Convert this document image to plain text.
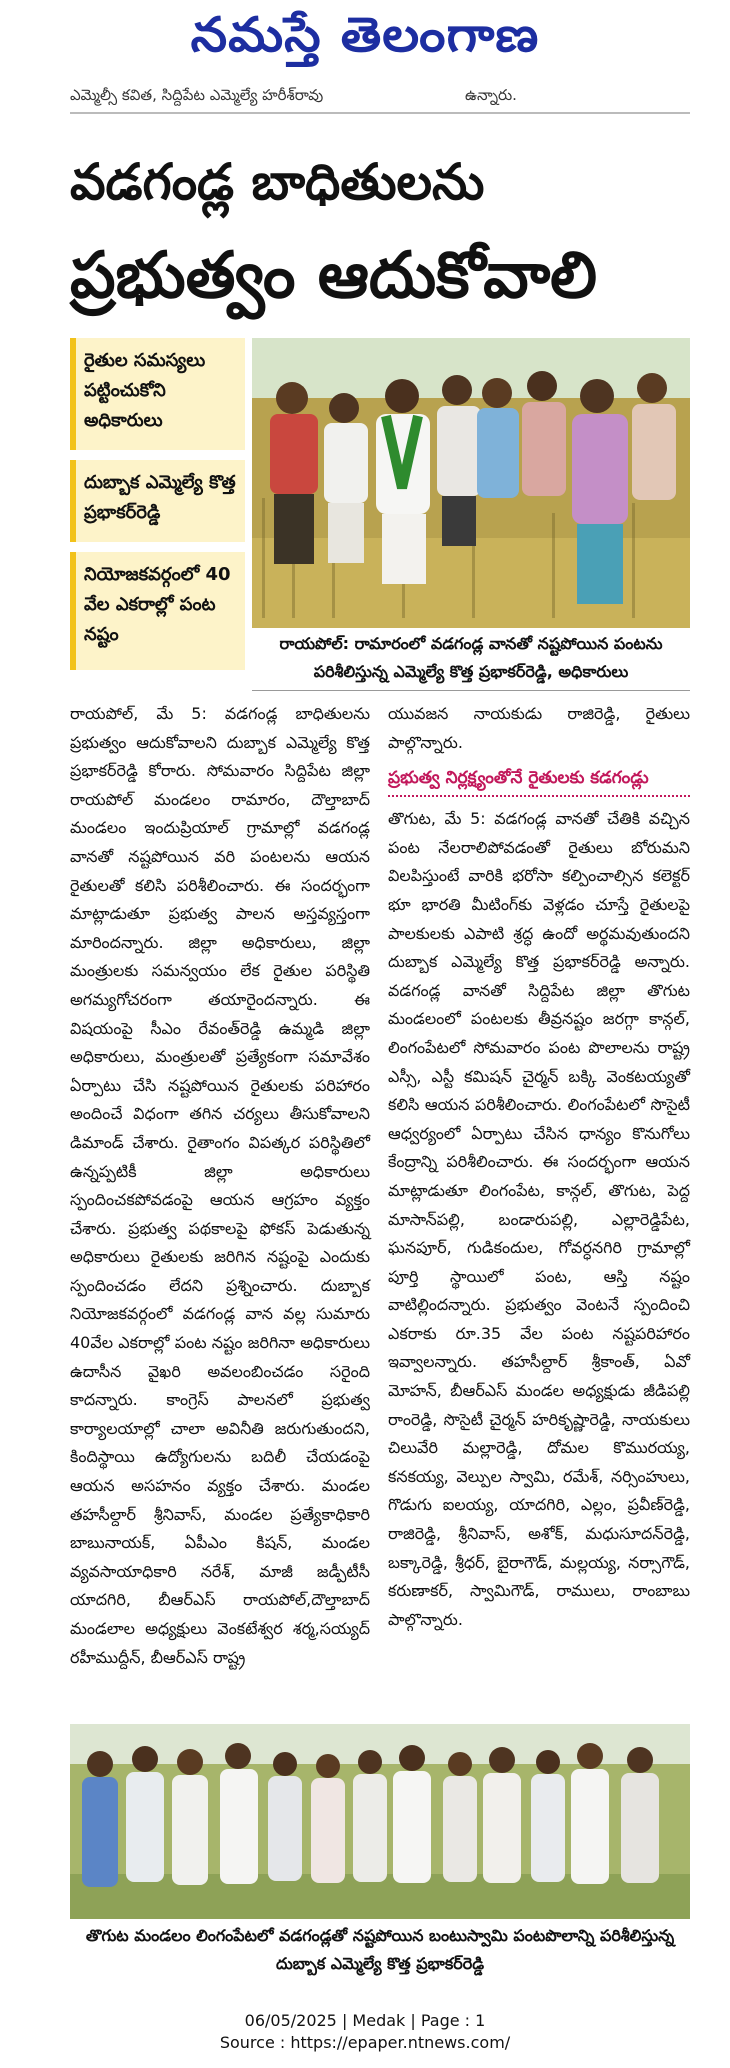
నమస్తే తెలంగాణ
ఎమ్మెల్సీ కవిత, సిద్దిపేట ఎమ్మెల్యే హరీశ్‌రావు	ఉన్నారు.
వడగండ్ల బాధితులను
ప్రభుత్వం ఆదుకోవాలి
రైతుల సమస్యలు పట్టించుకోని అధికారులు
దుబ్బాక ఎమ్మెల్యే కొత్త ప్రభాకర్‌రెడ్డి
నియోజకవర్గంలో 40 వేల ఎకరాల్లో పంట నష్టం	రాయపోల్‌: రామారంలో వడగండ్ల వానతో నష్టపోయిన పంటను పరిశీలిస్తున్న ఎమ్మెల్యే కొత్త ప్రభాకర్‌రెడ్డి, అధికారులు

రాయపోల్‌, మే 5: వడగండ్ల బాధితులను ప్రభుత్వం ఆదుకోవాలని దుబ్బాక ఎమ్మెల్యే కొత్త ప్రభాకర్‌రెడ్డి కోరారు. సోమవారం సిద్దిపేట జిల్లా రాయపోల్‌ మండలం రామారం, దౌల్తాబాద్‌ మండలం ఇందుప్రియాల్‌ గ్రామాల్లో వడగండ్ల వానతో నష్టపోయిన వరి పంటలను ఆయన రైతులతో కలిసి పరిశీలించారు. ఈ సందర్భంగా మాట్లాడుతూ ప్రభుత్వ పాలన అస్తవ్యస్తంగా మారిందన్నారు. జిల్లా అధికారులు, జిల్లా మంత్రులకు సమన్వయం లేక రైతుల పరిస్థితి అగమ్యగోచరంగా తయారైందన్నారు. ఈ విషయంపై సీఎం రేవంత్‌రెడ్డి ఉమ్మడి జిల్లా అధికారులు, మంత్రులతో ప్రత్యేకంగా సమావేశం ఏర్పాటు చేసి నష్టపోయిన రైతులకు పరిహారం అందించే విధంగా తగిన చర్యలు తీసుకోవాలని డిమాండ్‌ చేశారు. రైతాంగం విపత్కర పరిస్థితిలో ఉన్నప్పటికీ జిల్లా అధికారులు స్పందించకపోవడంపై ఆయన ఆగ్రహం వ్యక్తం చేశారు. ప్రభుత్వ పథకాలపై ఫోకస్‌ పెడుతున్న అధికారులు రైతులకు జరిగిన నష్టంపై ఎందుకు స్పందించడం లేదని ప్రశ్నించారు. దుబ్బాక నియోజకవర్గంలో వడగండ్ల వాన వల్ల సుమారు 40వేల ఎకరాల్లో పంట నష్టం జరిగినా అధికారులు ఉదాసీన వైఖరి అవలంబించడం సరైంది కాదన్నారు. కాంగ్రెస్‌ పాలనలో ప్రభుత్వ కార్యాలయాల్లో చాలా అవినీతి జరుగుతుందని, కిందిస్థాయి ఉద్యోగులను బదిలీ చేయడంపై ఆయన అసహనం వ్యక్తం చేశారు. మండల తహసీల్దార్‌ శ్రీనివాస్‌, మండల ప్రత్యేకాధికారి బాబునాయక్‌, ఏపీఎం కిషన్‌, మండల వ్యవసాయాధికారి నరేశ్‌, మాజీ జడ్పీటీసీ యాదగిరి, బీఆర్‌ఎస్‌ రాయపోల్‌,దౌల్తాబాద్‌ మండలాల అధ్యక్షులు వెంకటేశ్వర శర్మ,సయ్యద్‌ రహీముద్దీన్‌, బీఆర్‌ఎస్‌ రాష్ట్ర

యువజన నాయకుడు రాజిరెడ్డి, రైతులు పాల్గొన్నారు.

ప్రభుత్వ నిర్లక్ష్యంతోనే రైతులకు కడగండ్లు

తొగుట, మే 5: వడగండ్ల వానతో చేతికి వచ్చిన పంట నేలరాలిపోవడంతో రైతులు బోరుమని విలపిస్తుంటే వారికి భరోసా కల్పించాల్సిన కలెక్టర్‌ భూ భారతి మీటింగ్‌కు వెళ్లడం చూస్తే రైతులపై పాలకులకు ఎపాటి శ్రద్ధ ఉందో అర్థమవుతుందని దుబ్బాక ఎమ్మెల్యే కొత్త ప్రభాకర్‌రెడ్డి అన్నారు. వడగండ్ల వానతో సిద్దిపేట జిల్లా తొగుట మండలంలో పంటలకు తీవ్రనష్టం జరగ్గా కాన్గల్‌, లింగంపేటలో సోమవారం పంట పొలాలను రాష్ట్ర ఎస్సీ, ఎస్టీ కమిషన్‌ చైర్మన్‌ బక్కి వెంకటయ్యతో కలిసి ఆయన పరిశీలించారు. లింగంపేటలో సొసైటీ ఆధ్వర్యంలో ఏర్పాటు చేసిన ధాన్యం కొనుగోలు కేంద్రాన్ని పరిశీలించారు. ఈ సందర్భంగా ఆయన మాట్లాడుతూ లింగంపేట, కాన్గల్‌, తొగుట, పెద్ద మాసాన్‌పల్లి, బండారుపల్లి, ఎల్లారెడ్డిపేట, ఘనపూర్‌, గుడికందుల, గోవర్ధనగిరి గ్రామాల్లో పూర్తి స్థాయిలో పంట, ఆస్తి నష్టం వాటిల్లిందన్నారు. ప్రభుత్వం వెంటనే స్పందించి ఎకరాకు రూ.35 వేల పంట నష్టపరిహారం ఇవ్వాలన్నారు. తహసీల్దార్‌ శ్రీకాంత్‌, ఏవో మోహన్‌, బీఆర్‌ఎస్‌ మండల అధ్యక్షుడు జీడిపల్లి రాంరెడ్డి, సొసైటీ చైర్మన్‌ హరికృష్ణారెడ్డి, నాయకులు చిలువేరి మల్లారెడ్డి, దోమల కొమురయ్య, కనకయ్య, వెల్పుల స్వామి, రమేశ్‌, నర్సింహులు, గొడుగు ఐలయ్య, యాదగిరి, ఎల్లం, ప్రవీణ్‌రెడ్డి, రాజిరెడ్డి, శ్రీనివాస్‌, అశోక్‌, మధుసూదన్‌రెడ్డి, బక్కారెడ్డి, శ్రీధర్‌, బైరాగౌడ్‌, మల్లయ్య, నర్సాగౌడ్‌, కరుణాకర్‌, స్వామిగౌడ్‌, రాములు, రాంబాబు పాల్గొన్నారు.

తొగుట మండలం లింగంపేటలో వడగండ్లతో నష్టపోయిన బంటుస్వామి పంటపొలాన్ని పరిశీలిస్తున్న దుబ్బాక ఎమ్మెల్యే కొత్త ప్రభాకర్‌రెడ్డి
06/05/2025 | Medak | Page : 1
Source : https://epaper.ntnews.com/
